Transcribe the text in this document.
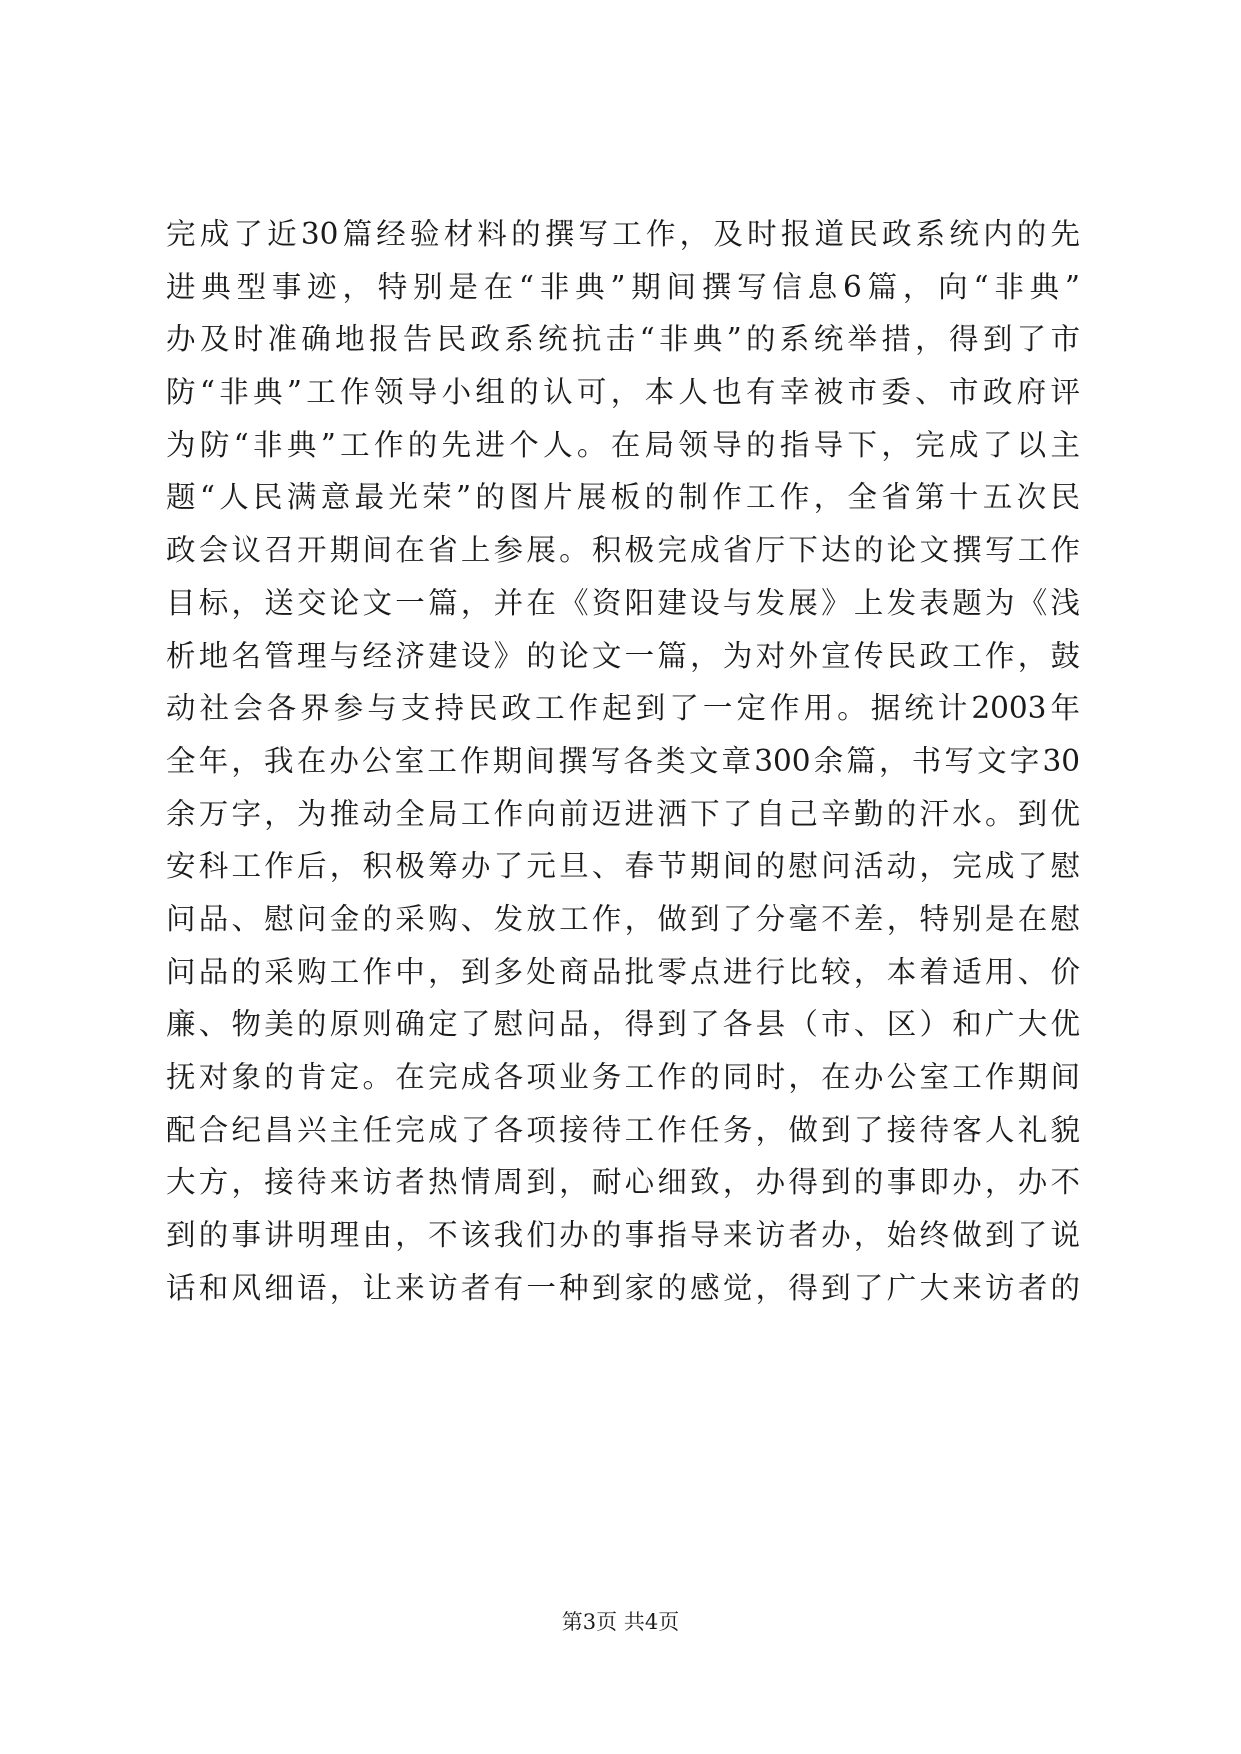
完成了近30篇经验材料的撰写工作，及时报道民政系统内的先
进典型事迹，特别是在“非典”期间撰写信息6篇，向“非典”
办及时准确地报告民政系统抗击“非典”的系统举措，得到了市
防“非典”工作领导小组的认可，本人也有幸被市委、市政府评
为防“非典”工作的先进个人。在局领导的指导下，完成了以主
题“人民满意最光荣”的图片展板的制作工作，全省第十五次民
政会议召开期间在省上参展。积极完成省厅下达的论文撰写工作
目标，送交论文一篇，并在《资阳建设与发展》上发表题为《浅
析地名管理与经济建设》的论文一篇，为对外宣传民政工作，鼓
动社会各界参与支持民政工作起到了一定作用。据统计2003年
全年，我在办公室工作期间撰写各类文章300余篇，书写文字30
余万字，为推动全局工作向前迈进洒下了自己辛勤的汗水。到优
安科工作后，积极筹办了元旦、春节期间的慰问活动，完成了慰
问品、慰问金的采购、发放工作，做到了分毫不差，特别是在慰
问品的采购工作中，到多处商品批零点进行比较，本着适用、价
廉、物美的原则确定了慰问品，得到了各县（市、区）和广大优
抚对象的肯定。在完成各项业务工作的同时，在办公室工作期间
配合纪昌兴主任完成了各项接待工作任务，做到了接待客人礼貌
大方，接待来访者热情周到，耐心细致，办得到的事即办，办不
到的事讲明理由，不该我们办的事指导来访者办，始终做到了说
话和风细语，让来访者有一种到家的感觉，得到了广大来访者的

第3页 共4页
